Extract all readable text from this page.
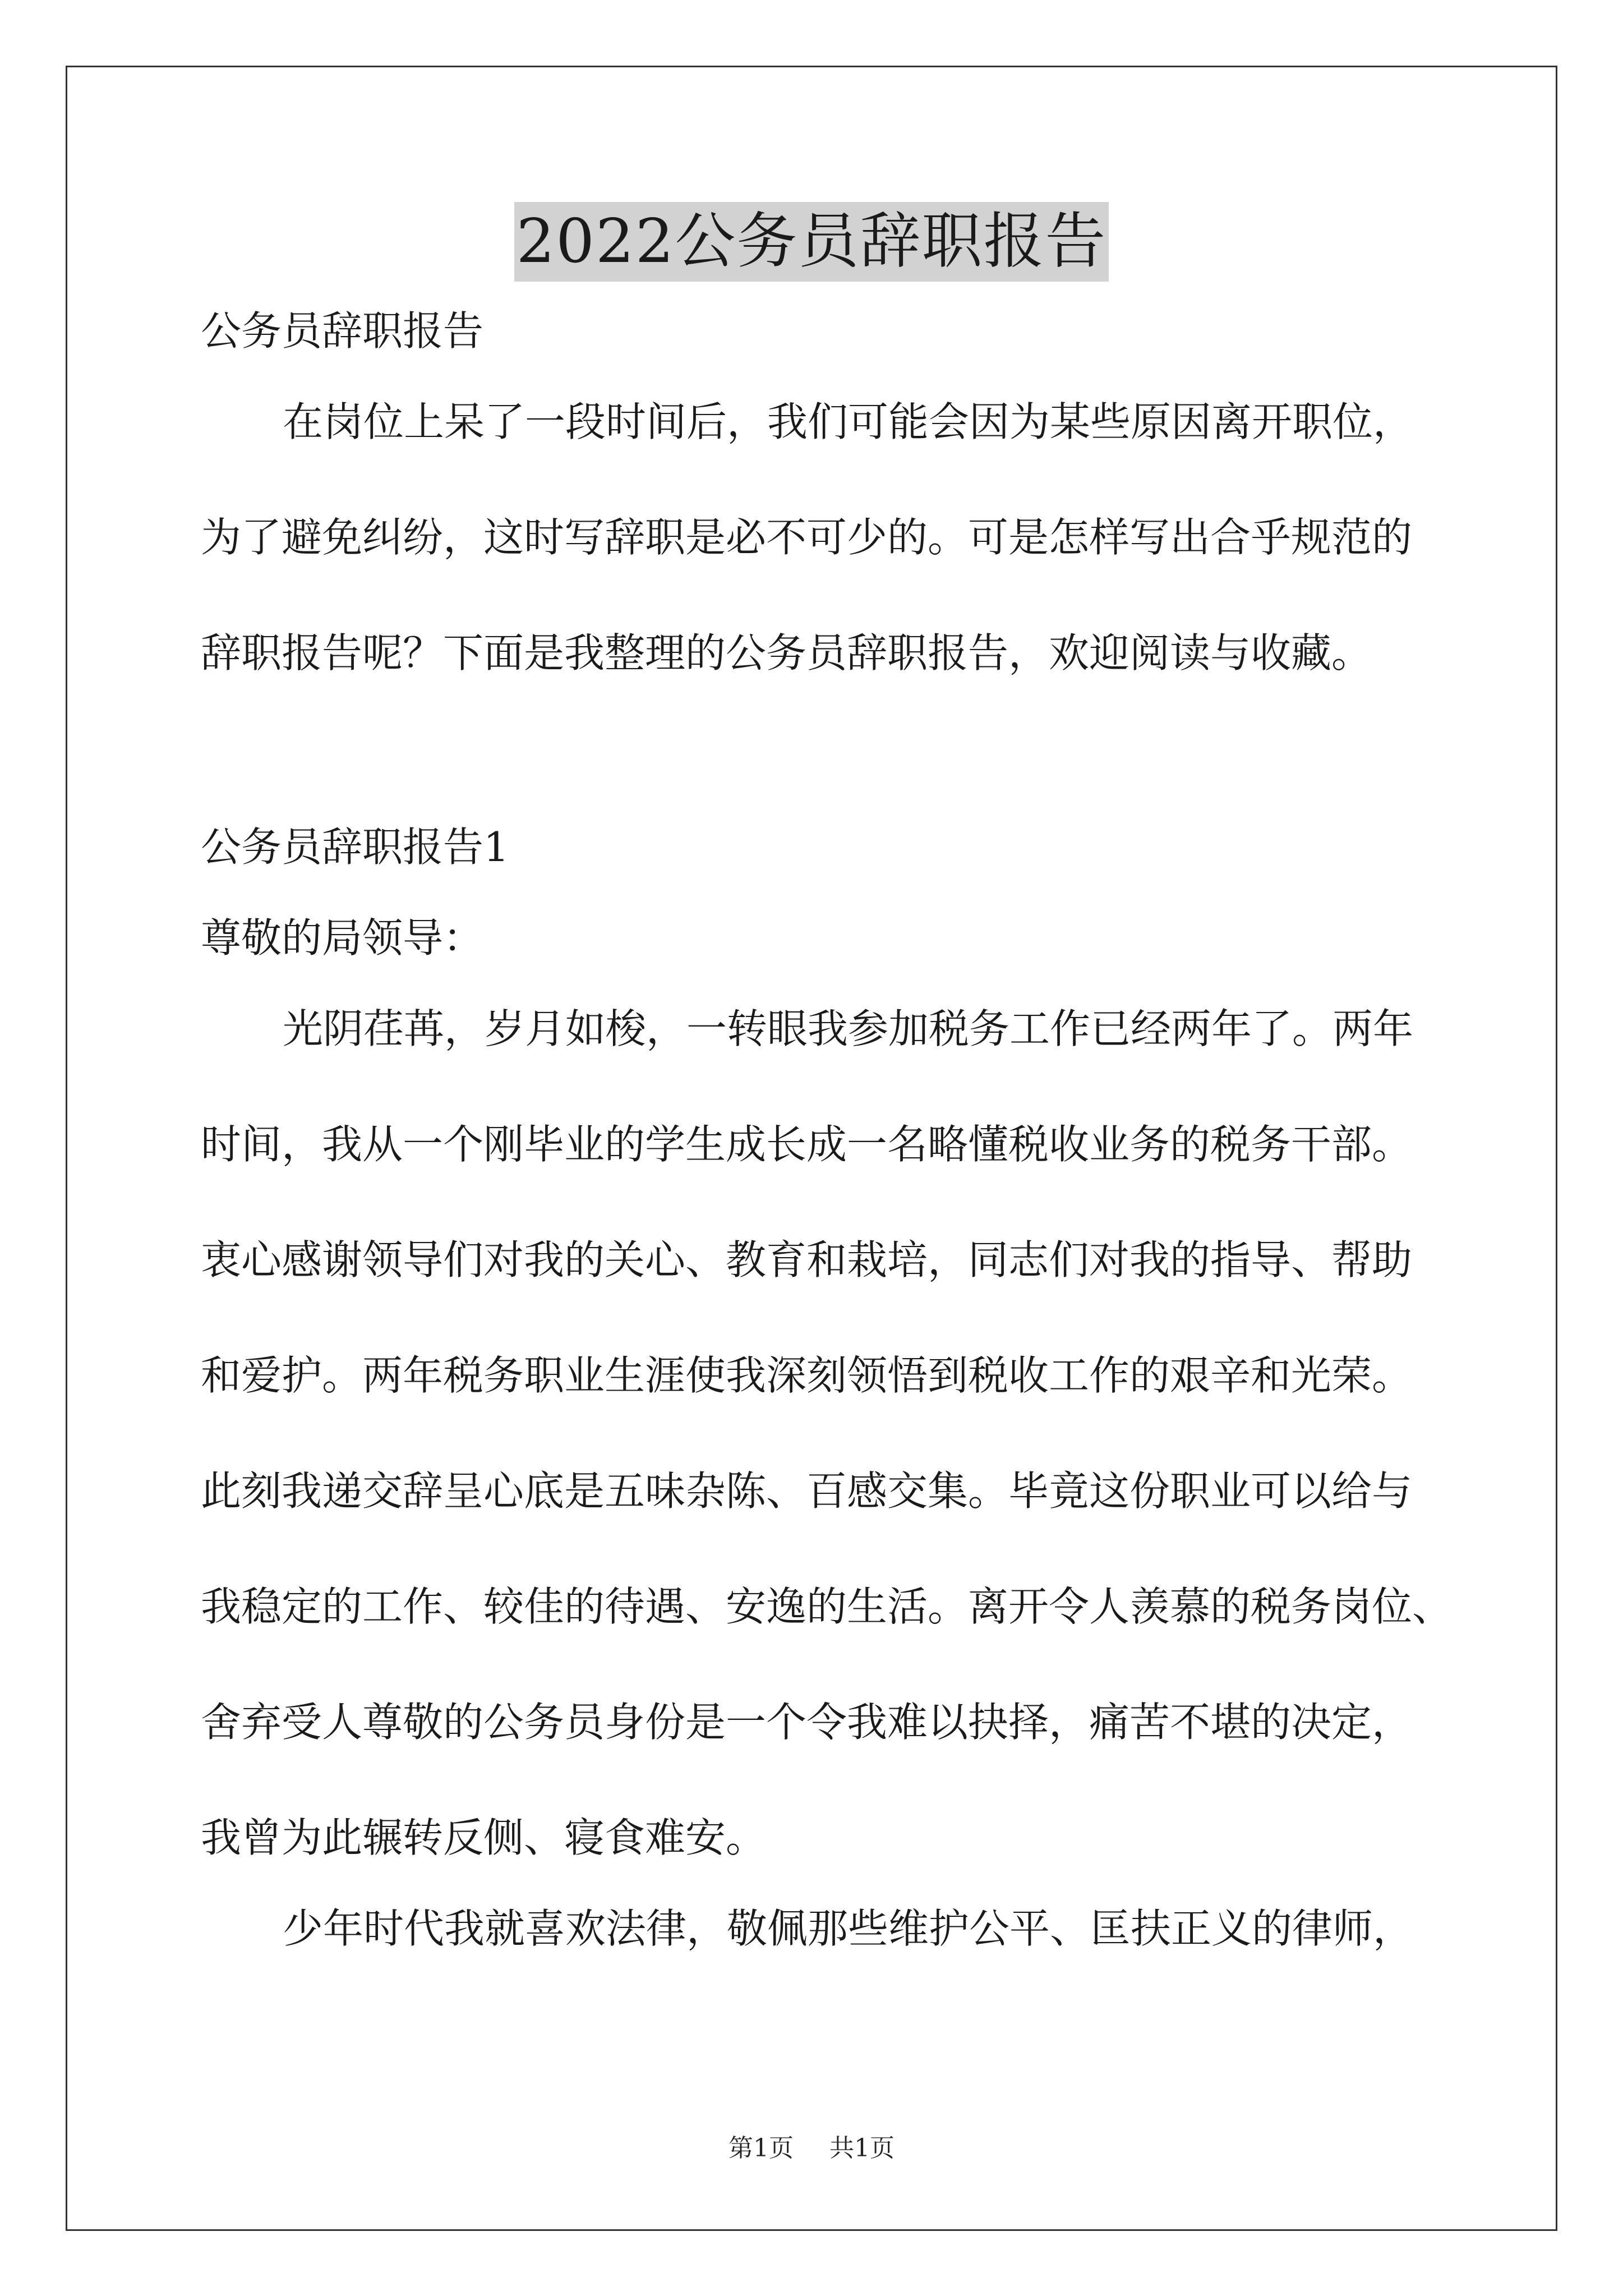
2022公务员辞职报告

公务员辞职报告

在岗位上呆了一段时间后，我们可能会因为某些原因离开职位，

为了避免纠纷，这时写辞职是必不可少的。可是怎样写出合乎规范的

辞职报告呢？下面是我整理的公务员辞职报告，欢迎阅读与收藏。

公务员辞职报告1

尊敬的局领导：

光阴荏苒，岁月如梭，一转眼我参加税务工作已经两年了。两年

时间，我从一个刚毕业的学生成长成一名略懂税收业务的税务干部。

衷心感谢领导们对我的关心、教育和栽培，同志们对我的指导、帮助

和爱护。两年税务职业生涯使我深刻领悟到税收工作的艰辛和光荣。

此刻我递交辞呈心底是五味杂陈、百感交集。毕竟这份职业可以给与

我稳定的工作、较佳的待遇、安逸的生活。离开令人羡慕的税务岗位、

舍弃受人尊敬的公务员身份是一个令我难以抉择，痛苦不堪的决定，

我曾为此辗转反侧、寝食难安。

少年时代我就喜欢法律，敬佩那些维护公平、匡扶正义的律师，

第1页 共1页
